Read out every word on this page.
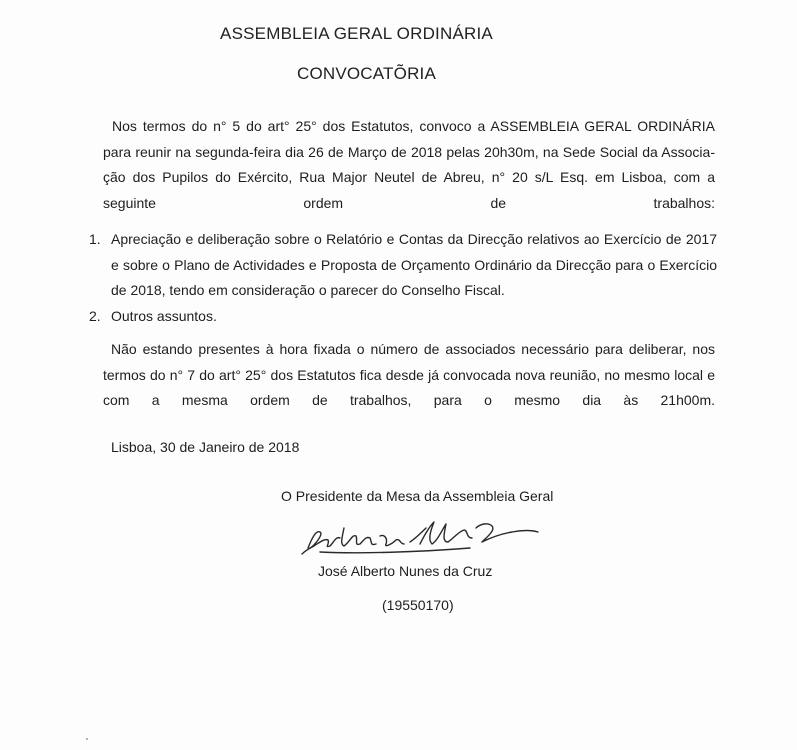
ASSEMBLEIA GERAL ORDINÁRIA
CONVOCATÕRIA
Nos termos do n° 5 do art° 25° dos Estatutos, convoco a ASSEMBLEIA GERAL ORDINÁRIA para reunir na segunda-feira dia 26 de Março de 2018 pelas 20h30m, na Sede Social da Associa-ção dos Pupilos do Exército, Rua Major Neutel de Abreu, n° 20 s/L Esq. em Lisboa, com a seguinte ordem de trabalhos:
1. Apreciação e deliberação sobre o Relatório e Contas da Direcção relativos ao Exercício de 2017 e sobre o Plano de Actividades e Proposta de Orçamento Ordinário da Direcção para o Exercício de 2018, tendo em consideração o parecer do Conselho Fiscal.
2. Outros assuntos.
Não estando presentes à hora fixada o número de associados necessário para deliberar, nos termos do n° 7 do art° 25° dos Estatutos fica desde já convocada nova reunião, no mesmo local e com a mesma ordem de trabalhos, para o mesmo dia às 21h00m.
Lisboa, 30 de Janeiro de 2018
O Presidente da Mesa da Assembleia Geral
José Alberto Nunes da Cruz
(19550170)
